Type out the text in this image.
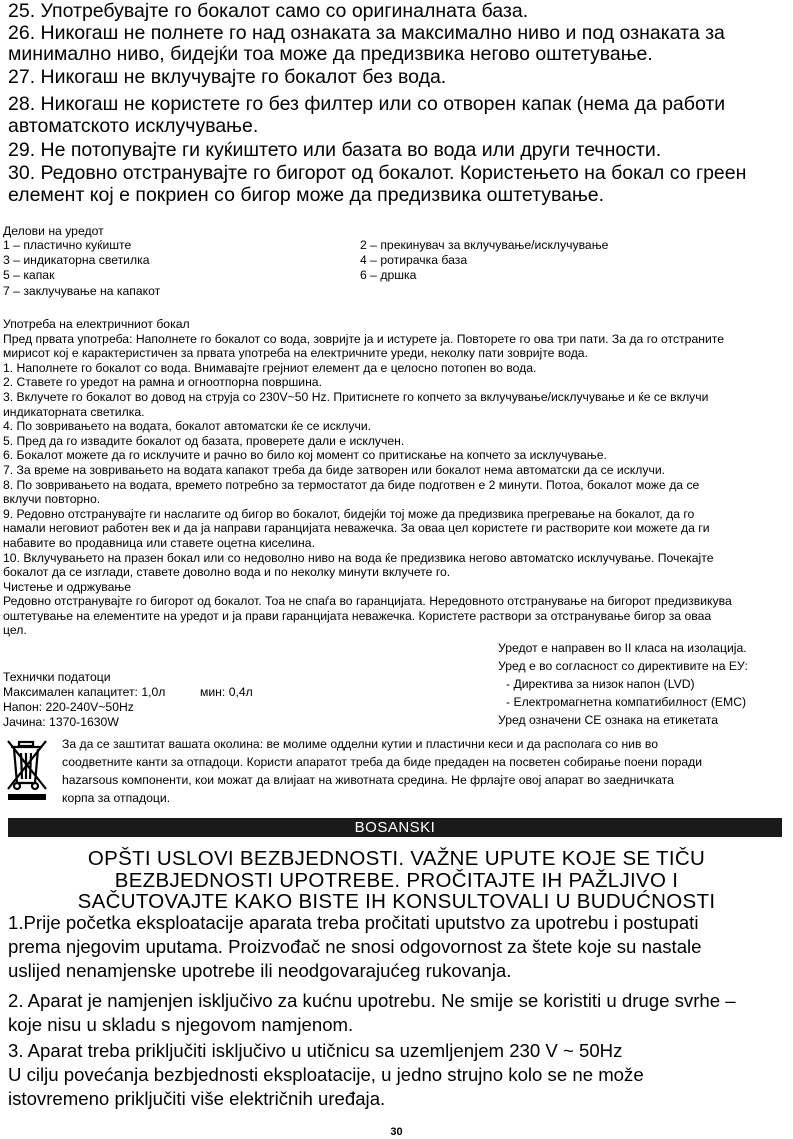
25. Употребувајте го бокалот само со оригиналната база.
26. Никогаш не полнете го над ознаката за максимално ниво и под ознаката за
минимално ниво, бидејќи тоа може да предизвика негово оштетување.
27. Никогаш не вклучувајте го бокалот без вода.
28. Никогаш не користете го без филтер или со отворен капак (нема да работи
автоматското исклучување.
29. Не потопувајте ги куќиштето или базата во вода или други течности.
30. Редовно отстранувајте го бигорот од бокалот. Користењето на бокал со греен
елемент кој е покриен со бигор може да предизвика оштетување.
Делови на уредот
1 – пластично куќиште
3 – индикаторна светилка
5 – капак
7 – заклучување на капакот
2 – прекинувач за вклучување/исклучување
4 – ротирачка база
6 – дршка
Употреба на електричниот бокал
Пред првата употреба: Наполнете го бокалот со вода, зовријте ја и истурете ја. Повторете го ова три пати. За да го отстраните
мирисот кој е карактеристичен за првата употреба на електричните уреди, неколку пати зовријте вода.
1. Наполнете го бокалот со вода. Внимавајте грејниот елемент да е целосно потопен во вода.
2. Ставете го уредот на рамна и огноотпорна површина.
3. Вклучете го бокалот во довод на струја со 230V~50 Hz. Притиснете го копчето за вклучување/исклучување и ќе се вклучи
индикаторната светилка.
4. По зовривањето на водата, бокалот автоматски ќе се исклучи.
5. Пред да го извадите бокалот од базата, проверете дали е исклучен.
6. Бокалот можете да го исклучите и рачно во било кој момент со притискање на копчето за исклучување.
7. За време на зовривањето на водата капакот треба да биде затворен или бокалот нема автоматски да се исклучи.
8. По зовривањето на водата, времето потребно за термостатот да биде подготвен е 2 минути. Потоа, бокалот може да се
вклучи повторно.
9. Редовно отстранувајте ги наслагите од бигор во бокалот, бидејќи тој може да предизвика прегревање на бокалот, да го
намали неговиот работен век и да ја направи гаранцијата неважечка. За оваа цел користете ги растворите кои можете да ги
набавите во продавница или ставете оцетна киселина.
10. Вклучувањето на празен бокал или со недоволно ниво на вода ќе предизвика негово автоматско исклучување. Почекајте
бокалот да се изглади, ставете доволно вода и по неколку минути вклучете го.
Чистење и одржување
Редовно отстранувајте го бигорот од бокалот. Тоа не спаѓа во гаранцијата. Нередовното отстранување на бигорот предизвикува
оштетување на елементите на уредот и ја прави гаранцијата неважечка. Користете раствори за отстранување бигор за оваа
цел.
Уредот е направен во II класа на изолација.
Уред е во согласност со директивите на ЕУ:
- Директива за низок напон (LVD)
- Електромагнетна компатибилност (EMC)
Уред означени CE ознака на етикетата
Технички податоци
Максимален капацитет: 1,0л	мин: 0,4л
Напон: 220-240V~50Hz
Јачина: 1370-1630W
За да се заштитат вашата околина: ве молиме одделни кутии и пластични кеси и да располага со нив во
соодветните канти за отпадоци. Користи апаратот треба да биде предаден на посветен собирање поени поради
hazarsous компоненти, кои можат да влијаат на животната средина. Не фрлајте овој апарат во заедничката
корпа за отпадоци.
BOSANSKI
OPŠTI USLOVI BEZBJEDNOSTI. VAŽNE UPUTE KOJE SE TIČU
BEZBJEDNOSTI UPOTREBE. PROČITAJTE IH PAŽLJIVO I
SAČUTOVAJTE KAKO BISTE IH KONSULTOVALI U BUDUĆNOSTI
1.Prije početka eksploatacije aparata treba pročitati uputstvo za upotrebu i postupati
prema njegovim uputama. Proizvođač ne snosi odgovornost za štete koje su nastale
uslijed nenamjenske upotrebe ili neodgovarajućeg rukovanja.
2. Aparat je namjenjen isključivo za kućnu upotrebu. Ne smije se koristiti u druge svrhe –
koje nisu u skladu s njegovom namjenom.
3. Aparat treba priključiti isključivo u utičnicu sa uzemljenjem 230 V ~ 50Hz
U cilju povećanja bezbjednosti eksploatacije, u jedno strujno kolo se ne može
istovremeno priključiti više električnih uređaja.
30
